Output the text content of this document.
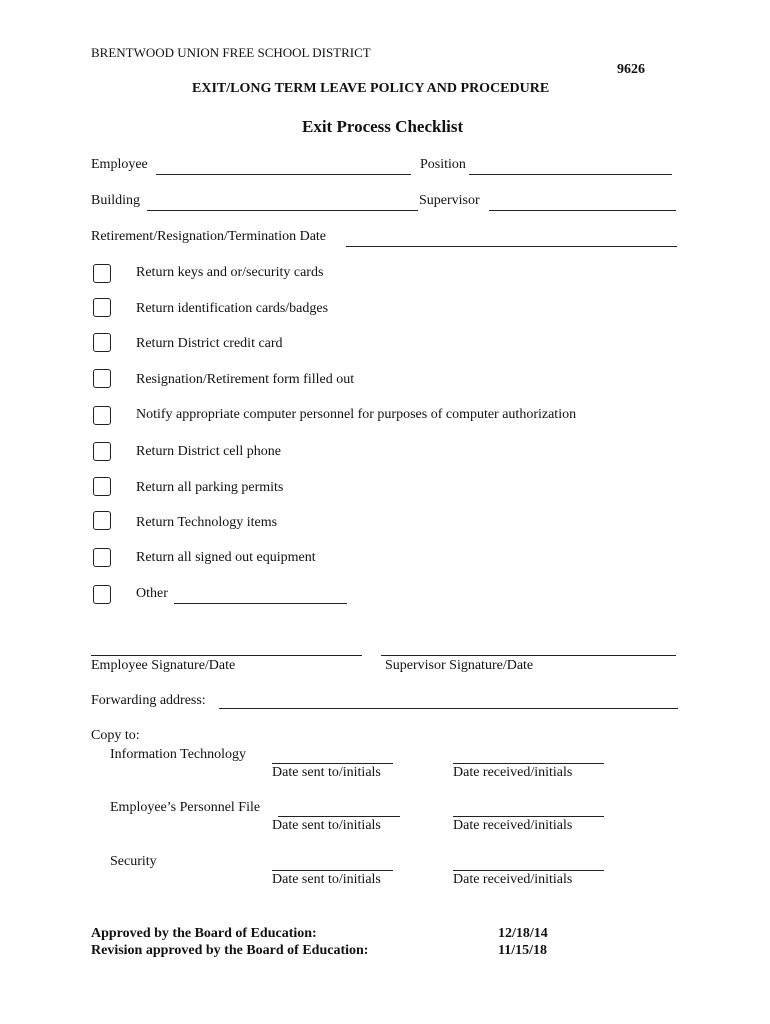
BRENTWOOD UNION FREE SCHOOL DISTRICT
9626
EXIT/LONG TERM LEAVE POLICY AND PROCEDURE
Exit Process Checklist
Employee	Position
Building	Supervisor
Retirement/Resignation/Termination Date
Return keys and or/security cards
Return identification cards/badges
Return District credit card
Resignation/Retirement form filled out
Notify appropriate computer personnel for purposes of computer authorization
Return District cell phone
Return all parking permits
Return Technology items
Return all signed out equipment
Other
Employee Signature/Date	Supervisor Signature/Date
Forwarding address:
Copy to:
Information Technology
Date sent to/initials	Date received/initials
Employee’s Personnel File
Date sent to/initials	Date received/initials
Security
Date sent to/initials	Date received/initials
Approved by the Board of Education:	12/18/14
Revision approved by the Board of Education:	11/15/18
